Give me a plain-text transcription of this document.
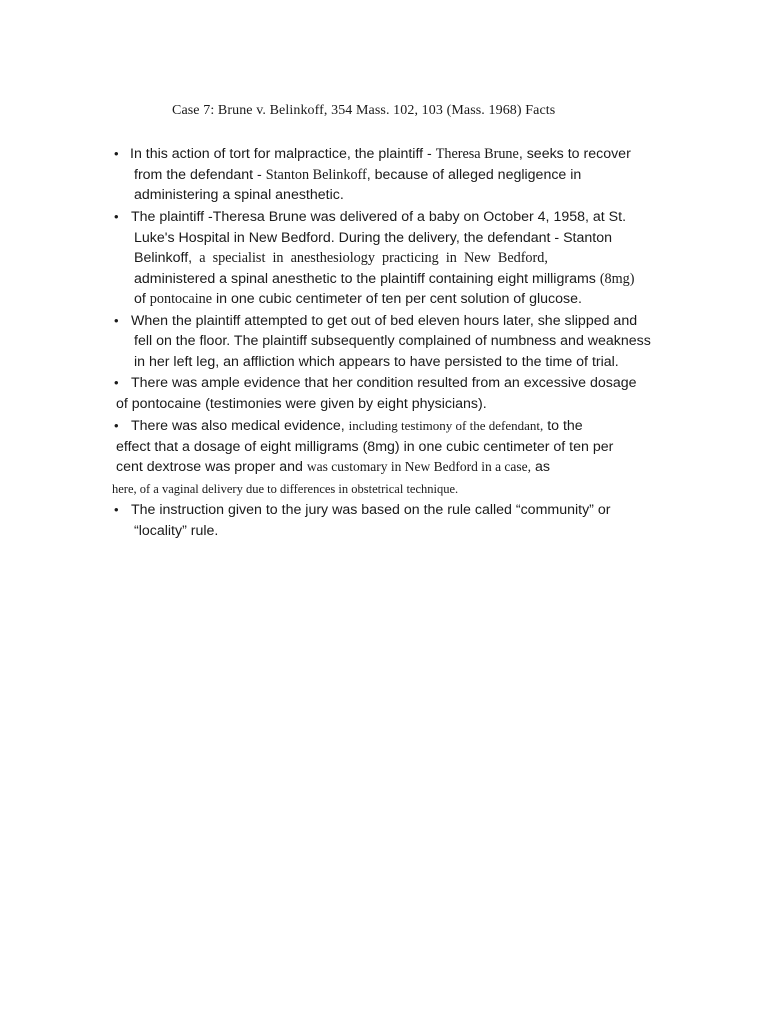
Case 7: Brune v. Belinkoff, 354 Mass. 102, 103 (Mass. 1968) Facts
• In this action of tort for malpractice, the plaintiff - Theresa Brune, seeks to recover
from the defendant - Stanton Belinkoff, because of alleged negligence in
administering a spinal anesthetic.
• The plaintiff -Theresa Brune was delivered of a baby on October 4, 1958, at St.
Luke's Hospital in New Bedford. During the delivery, the defendant - Stanton
Belinkoff,  a  specialist  in  anesthesiology  practicing  in  New  Bedford,
administered a spinal anesthetic to the plaintiff containing eight milligrams (8mg)
of pontocaine in one cubic centimeter of ten per cent solution of glucose.
• When the plaintiff attempted to get out of bed eleven hours later, she slipped and
fell on the floor. The plaintiff subsequently complained of numbness and weakness
in her left leg, an affliction which appears to have persisted to the time of trial.
• There was ample evidence that her condition resulted from an excessive dosage
of pontocaine (testimonies were given by eight physicians).
• There was also medical evidence, including testimony of the defendant, to the
effect that a dosage of eight milligrams (8mg) in one cubic centimeter of ten per
cent dextrose was proper and was customary in New Bedford in a case, as
here, of a vaginal delivery due to differences in obstetrical technique.
• The instruction given to the jury was based on the rule called “community” or
“locality” rule.
